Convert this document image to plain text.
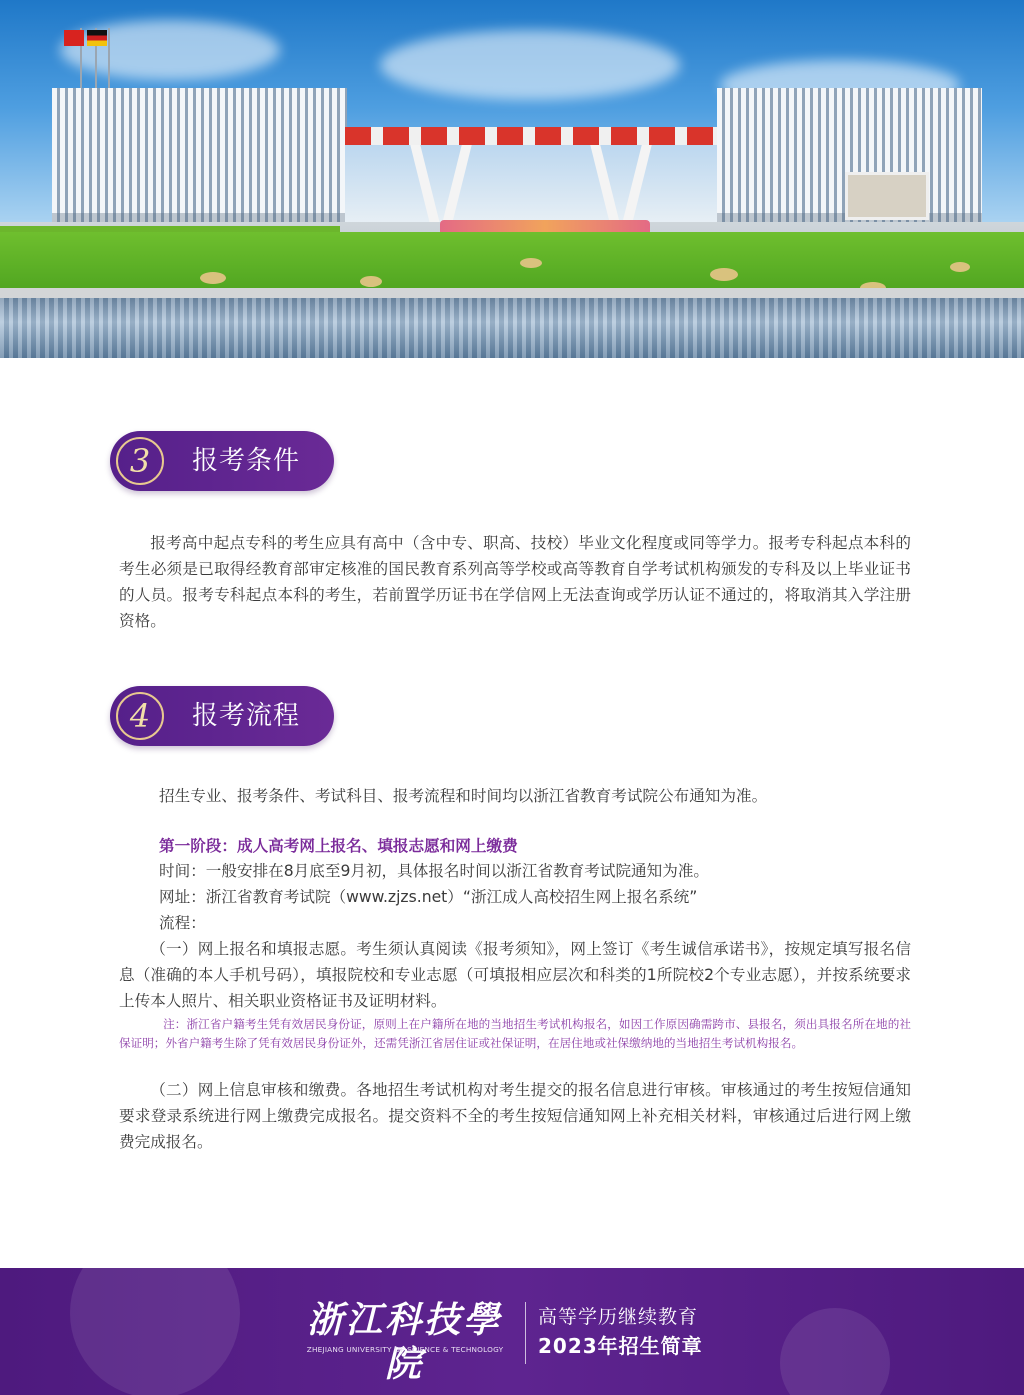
3	报考条件

报考高中起点专科的考生应具有高中（含中专、职高、技校）毕业文化程度或同等学力。报考专科起点本科的考生必须是已取得经教育部审定核准的国民教育系列高等学校或高等教育自学考试机构颁发的专科及以上毕业证书的人员。报考专科起点本科的考生，若前置学历证书在学信网上无法查询或学历认证不通过的，将取消其入学注册资格。

4	报考流程

招生专业、报考条件、考试科目、报考流程和时间均以浙江省教育考试院公布通知为准。

第一阶段：成人高考网上报名、填报志愿和网上缴费

时间：一般安排在8月底至9月初，具体报名时间以浙江省教育考试院通知为准。

网址：浙江省教育考试院（www.zjzs.net）“浙江成人高校招生网上报名系统”

流程：

（一）网上报名和填报志愿。考生须认真阅读《报考须知》，网上签订《考生诚信承诺书》，按规定填写报名信息（准确的本人手机号码），填报院校和专业志愿（可填报相应层次和科类的1所院校2个专业志愿），并按系统要求上传本人照片、相关职业资格证书及证明材料。

注：浙江省户籍考生凭有效居民身份证，原则上在户籍所在地的当地招生考试机构报名，如因工作原因确需跨市、县报名，须出具报名所在地的社保证明；外省户籍考生除了凭有效居民身份证外，还需凭浙江省居住证或社保证明，在居住地或社保缴纳地的当地招生考试机构报名。

（二）网上信息审核和缴费。各地招生考试机构对考生提交的报名信息进行审核。审核通过的考生按短信通知要求登录系统进行网上缴费完成报名。提交资料不全的考生按短信通知网上补充相关材料，审核通过后进行网上缴费完成报名。

浙江科技學院
ZHEJIANG UNIVERSITY OF SCIENCE & TECHNOLOGY
高等学历继续教育
2023年招生简章
